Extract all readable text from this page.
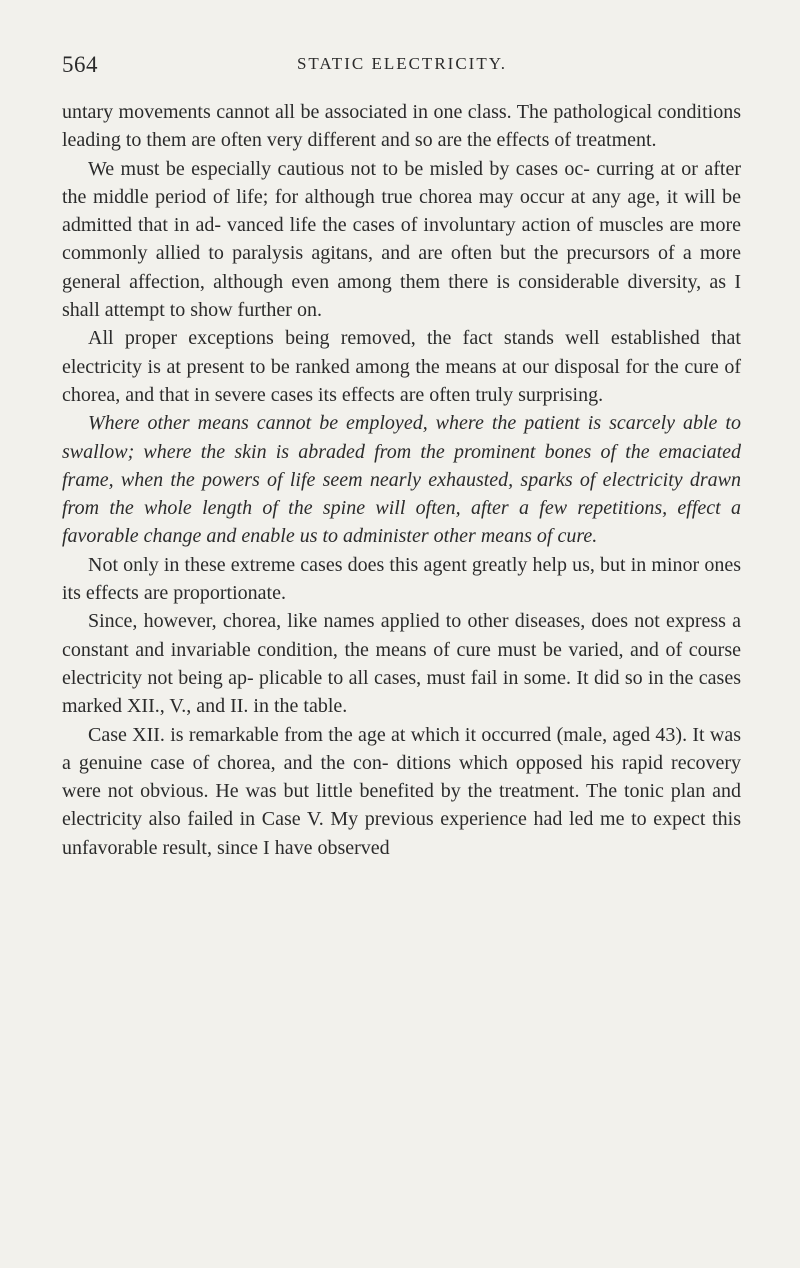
564	STATIC ELECTRICITY.

untary movements cannot all be associated in one class. The pathological conditions leading to them are often very different and so are the effects of treatment.

We must be especially cautious not to be misled by cases oc- curring at or after the middle period of life; for although true chorea may occur at any age, it will be admitted that in ad- vanced life the cases of involuntary action of muscles are more commonly allied to paralysis agitans, and are often but the precursors of a more general affection, although even among them there is considerable diversity, as I shall attempt to show further on.

All proper exceptions being removed, the fact stands well established that electricity is at present to be ranked among the means at our disposal for the cure of chorea, and that in severe cases its effects are often truly surprising.

Where other means cannot be employed, where the patient is scarcely able to swallow; where the skin is abraded from the prominent bones of the emaciated frame, when the powers of life seem nearly exhausted, sparks of electricity drawn from the whole length of the spine will often, after a few repetitions, effect a favorable change and enable us to administer other means of cure.

Not only in these extreme cases does this agent greatly help us, but in minor ones its effects are proportionate.

Since, however, chorea, like names applied to other diseases, does not express a constant and invariable condition, the means of cure must be varied, and of course electricity not being ap- plicable to all cases, must fail in some. It did so in the cases marked XII., V., and II. in the table.

Case XII. is remarkable from the age at which it occurred (male, aged 43). It was a genuine case of chorea, and the con- ditions which opposed his rapid recovery were not obvious. He was but little benefited by the treatment. The tonic plan and electricity also failed in Case V. My previous experience had led me to expect this unfavorable result, since I have observed
